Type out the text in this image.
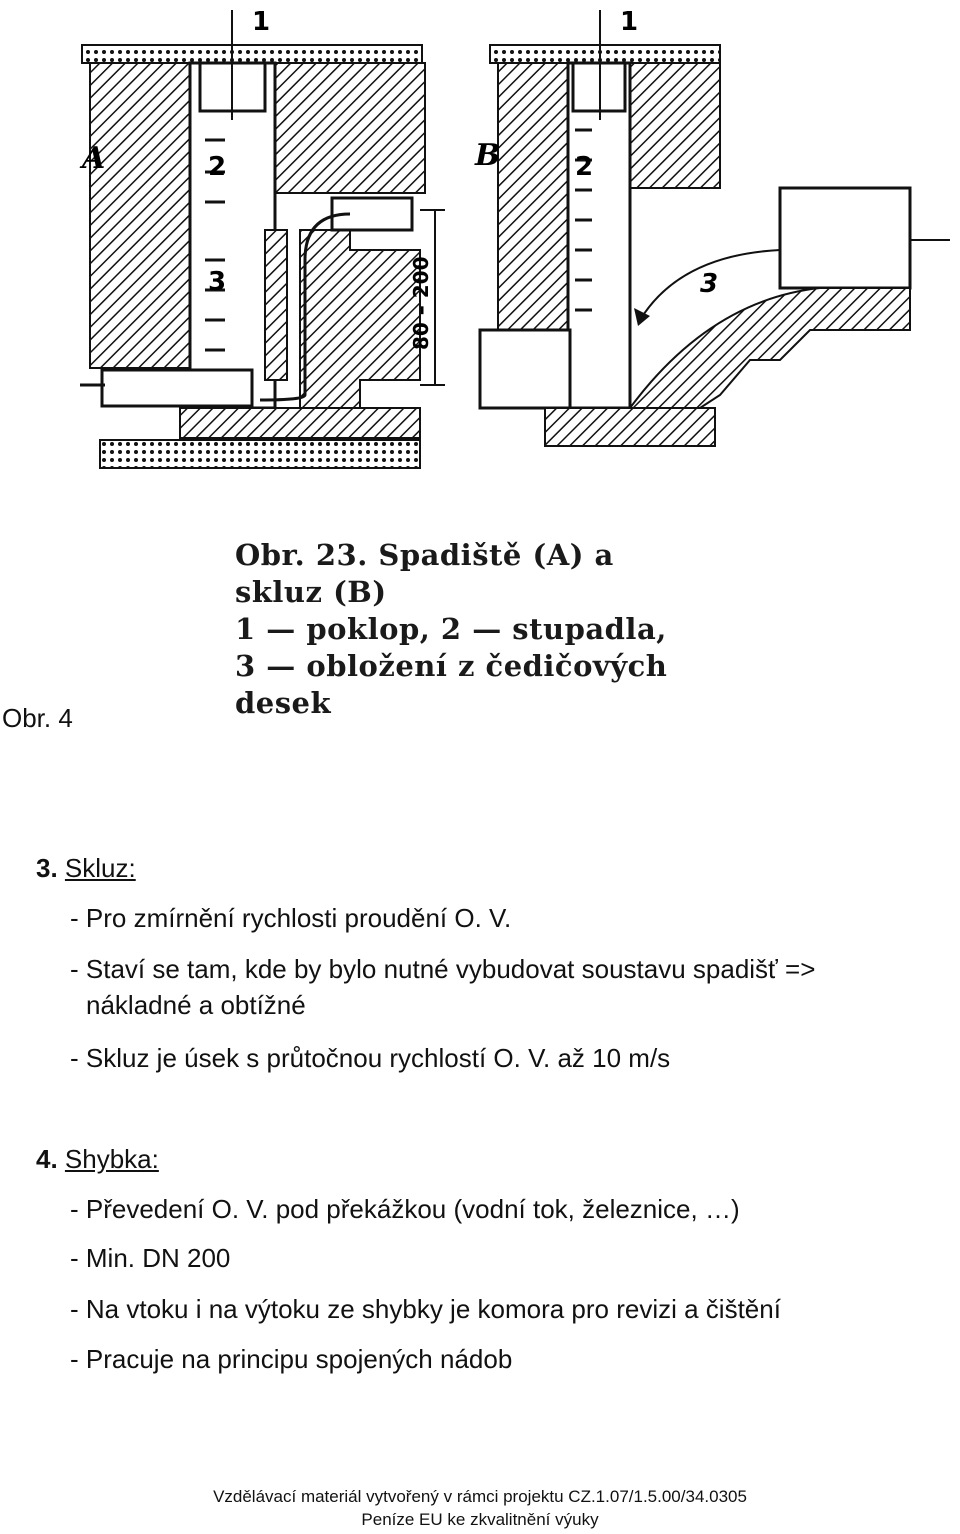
A	B
1	1
2	2
3	3
80 – 200
Obr. 23. Spadiště (A) a
skluz (B)
1 — poklop, 2 — stupadla,
3 — obložení z čedičových
desek
Obr. 4
3. Skluz:
- Pro zmírnění rychlosti proudění O. V.
- Staví se tam, kde by bylo nutné vybudovat soustavu spadišť =>
nákladné a obtížné
- Skluz je úsek s průtočnou rychlostí O. V. až 10 m/s
4. Shybka:
- Převedení O. V. pod překážkou (vodní tok, železnice, …)
- Min. DN 200
- Na vtoku i na výtoku ze shybky je komora pro revizi a čištění
- Pracuje na principu spojených nádob
Vzdělávací materiál vytvořený v rámci projektu CZ.1.07/1.5.00/34.0305
Peníze EU ke zkvalitnění výuky
